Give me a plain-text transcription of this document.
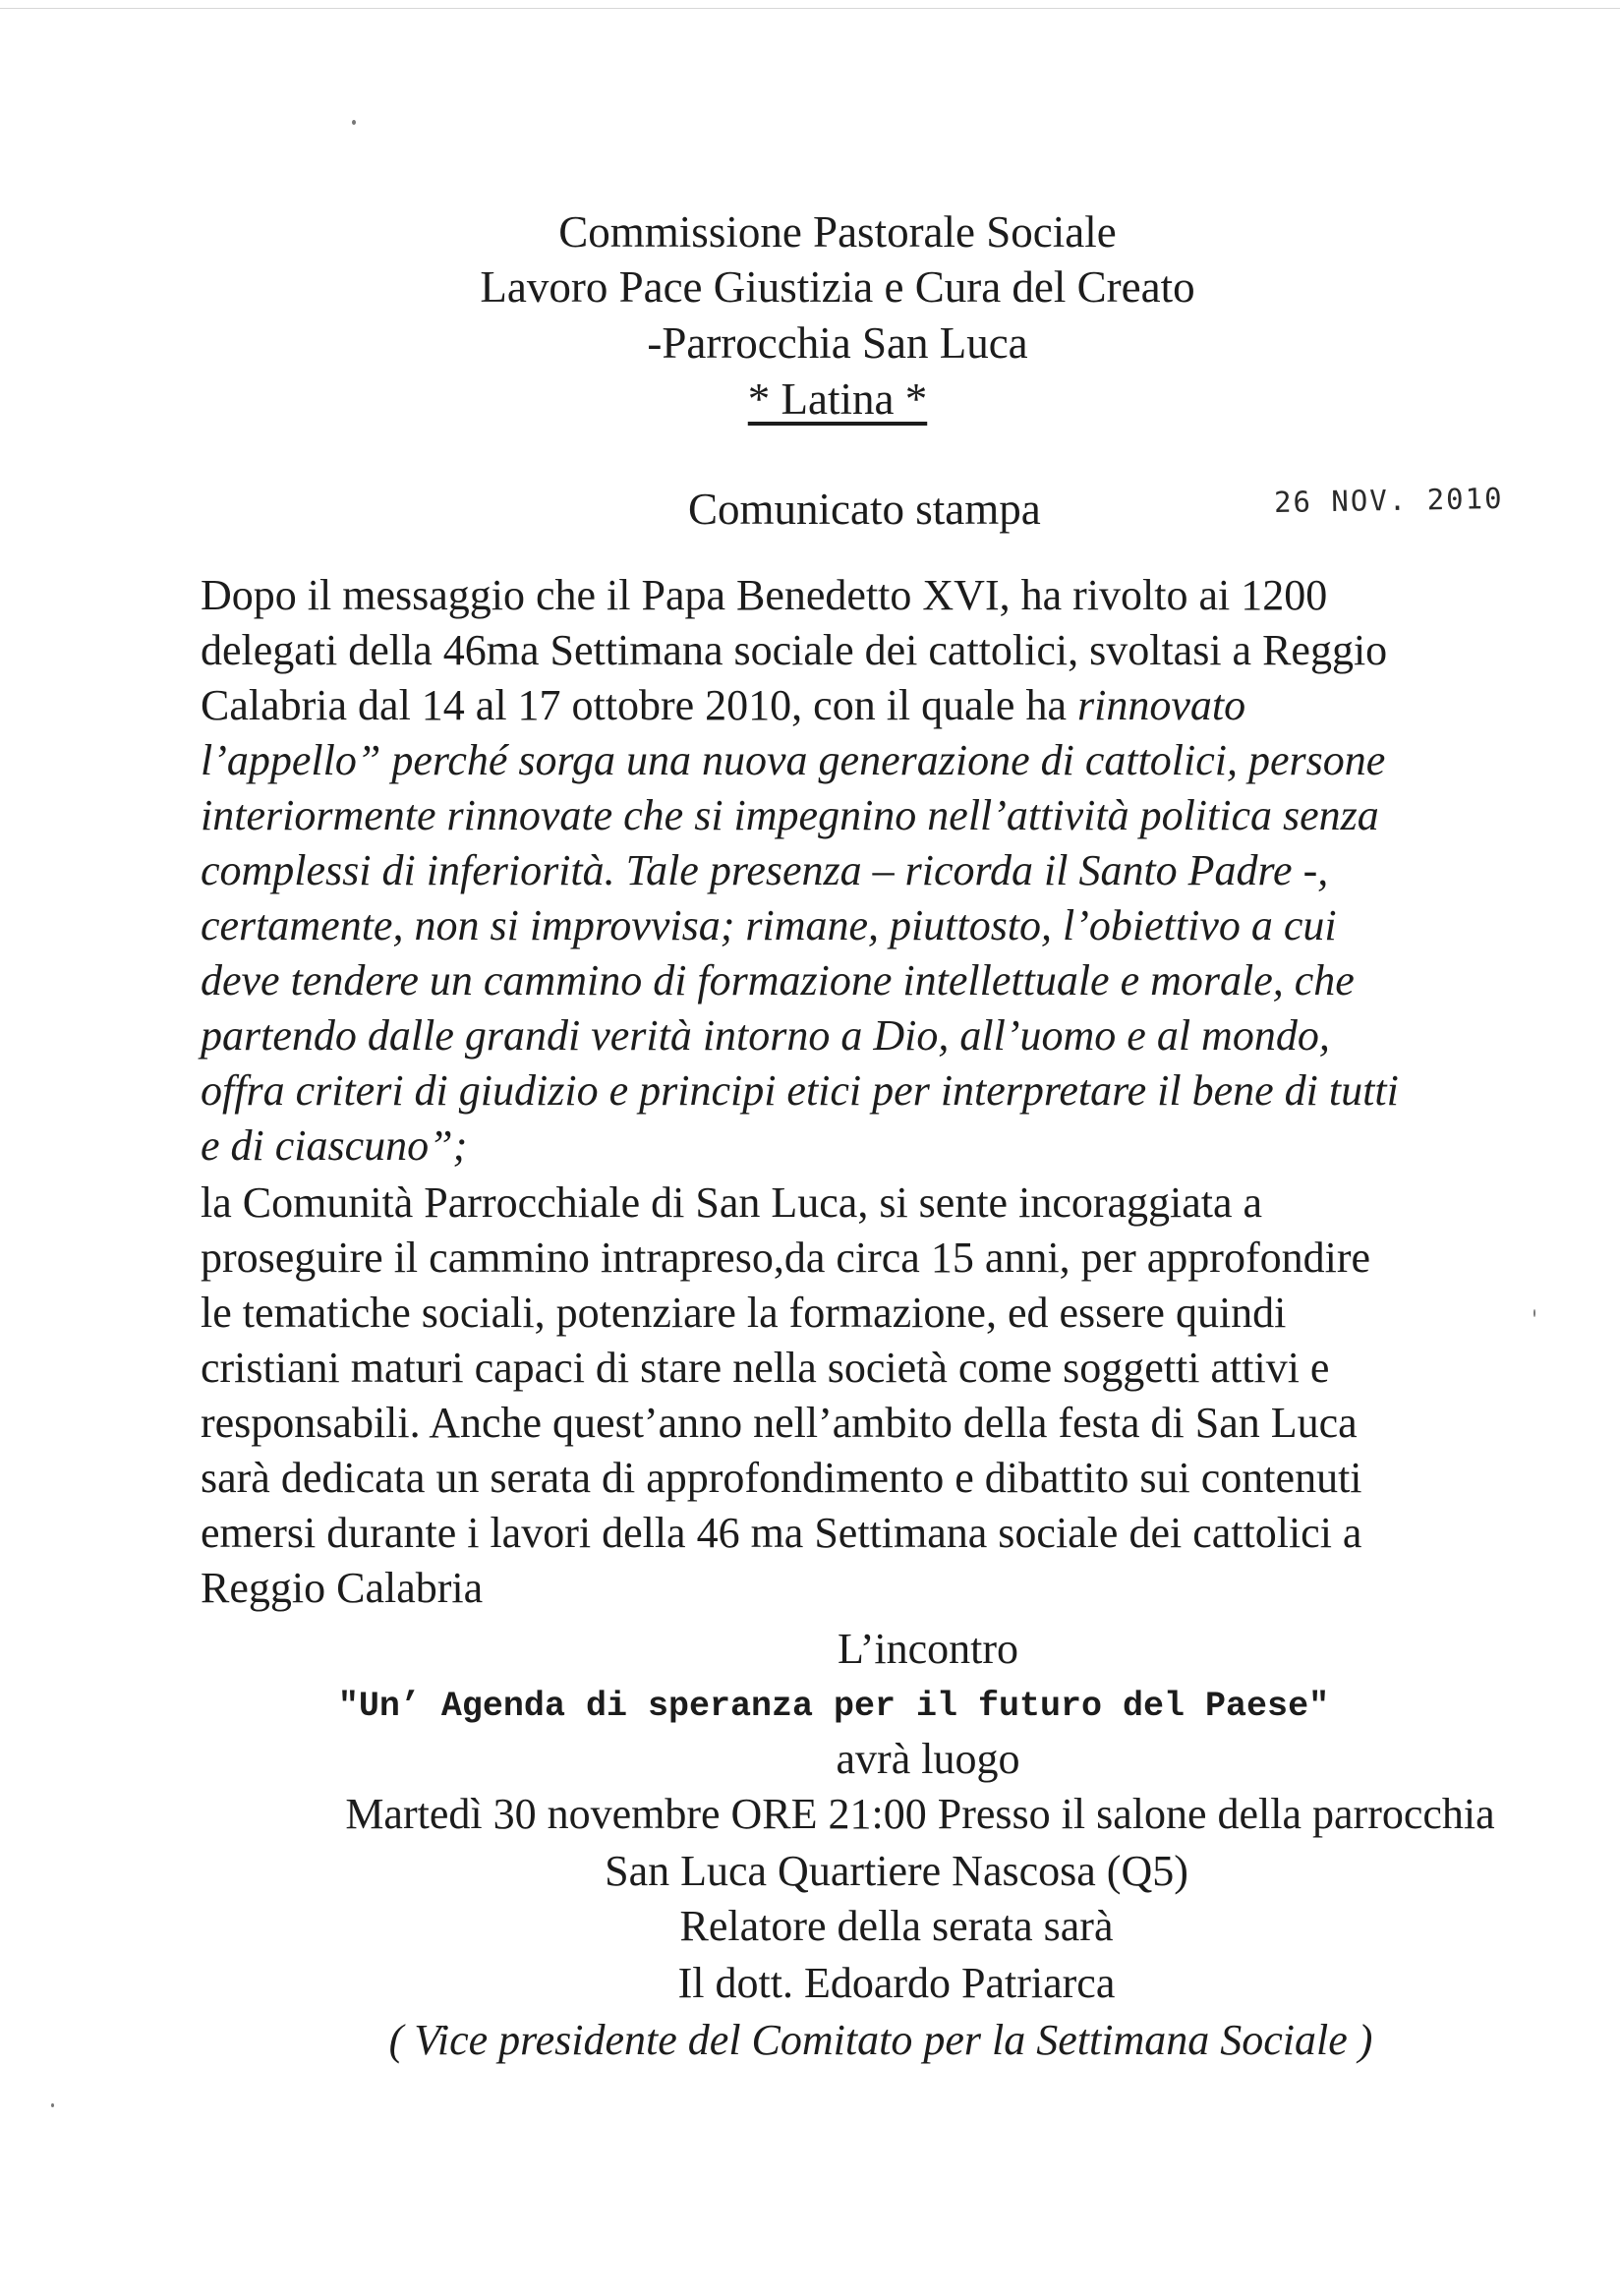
Commissione Pastorale Sociale
Lavoro Pace Giustizia e Cura del Creato
-Parrocchia San Luca
* Latina *
Comunicato stampa	26 NOV. 2010

Dopo il messaggio che il Papa Benedetto XVI, ha rivolto ai 1200

delegati della 46ma Settimana sociale dei cattolici, svoltasi a Reggio

Calabria dal 14 al 17 ottobre 2010, con il quale ha rinnovato

l’appello” perché sorga una nuova generazione di cattolici, persone

interiormente rinnovate che si impegnino nell’attività politica senza

complessi di inferiorità. Tale presenza – ricorda il Santo Padre -,

certamente, non si improvvisa; rimane, piuttosto, l’obiettivo a cui

deve tendere un cammino di formazione intellettuale e morale, che

partendo dalle grandi verità intorno a Dio, all’uomo e al mondo,

offra criteri di giudizio e principi etici per interpretare il bene di tutti

e di ciascuno”;

la Comunità Parrocchiale di San Luca, si sente incoraggiata a

proseguire il cammino intrapreso,da circa 15 anni, per approfondire

le tematiche sociali, potenziare la formazione, ed essere quindi

cristiani maturi capaci di stare nella società come soggetti attivi e

responsabili. Anche quest’anno nell’ambito della festa di San Luca

sarà dedicata un serata di approfondimento e dibattito sui contenuti

emersi durante i lavori della 46 ma Settimana sociale dei cattolici a

Reggio Calabria

L’incontro
"Un’ Agenda di speranza per il futuro del Paese"
avrà luogo
Martedì 30 novembre ORE 21:00 Presso il salone della parrocchia
San Luca Quartiere Nascosa (Q5)
Relatore della serata sarà
Il dott. Edoardo Patriarca
( Vice presidente del Comitato per la Settimana Sociale )
